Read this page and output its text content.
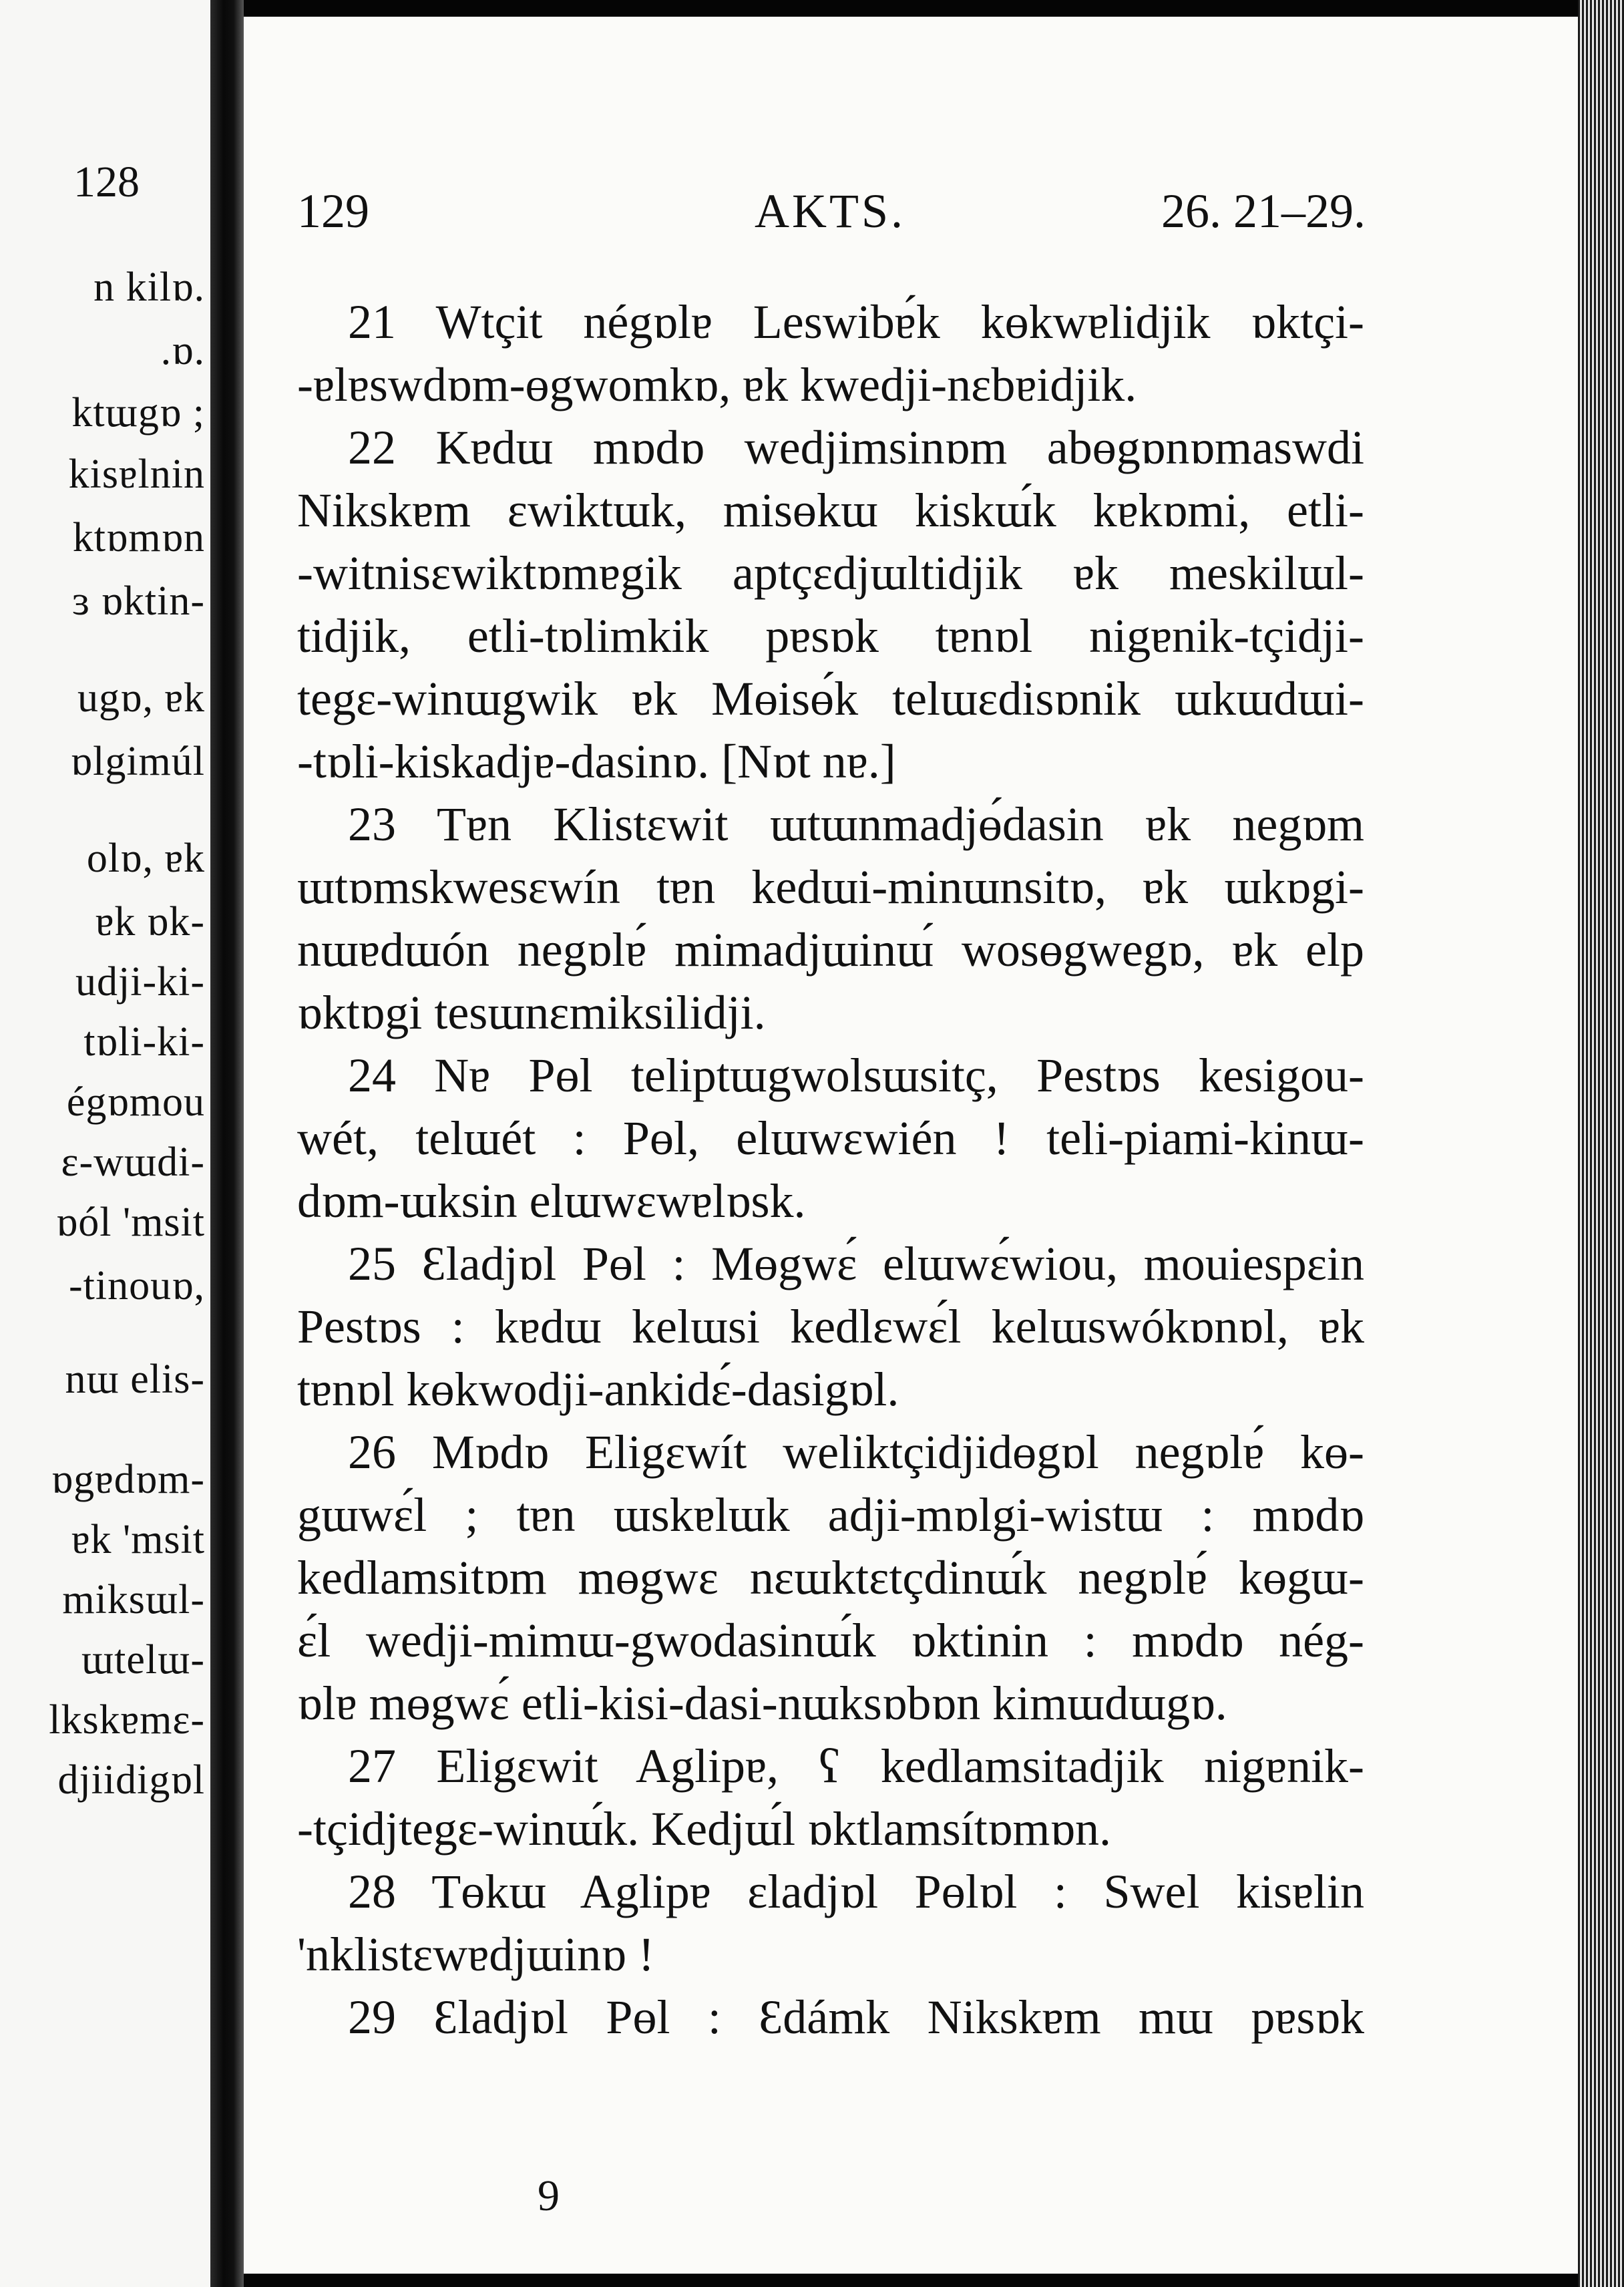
128
n kilɒ.
.ɒ.
ktɯgɒ ;
kisɐlnin
ktɒmɒn
ɜ ɒktin-
ugɒ, ɐk
ɒlgimúl
olɒ, ɐk
ɐk ɒk-
udji-ki-
tɒli-ki-
égɒmou
ɛ-wɯdi-
ɒól 'msit
-tinouɒ,
nɯ elis-
ɒgɐdɒm-
ɐk 'msit
miksɯl-
ɯtelɯ-
lkskɐmɛ-
djiidigɒl
129	AKTS.	26. 21–29.
21 Wtçit négɒlɐ Leswibɐ́k kɵkwɐlidjik ɒktçi-
-ɐlɐswdɒm-ɵgwomkɒ, ɐk kwedji-nɛbɐidjik.
22 Kɐdɯ mɒdɒ wedjimsinɒm abɵgɒnɒmaswdi
Nikskɐm ɛwiktɯk, misɵkɯ kiskɯ́k kɐkɒmi, etli-
-witnisɛwiktɒmɐgik aptçɛdjɯltidjik ɐk meskilɯl-
tidjik, etli-tɒlimkik pɐsɒk tɐnɒl nigɐnik-tçidji-
tegɛ-winɯgwik ɐk Mɵisɵ́k telɯɛdisɒnik ɯkɯdɯi-
-tɒli-kiskadjɐ-dasinɒ. [Nɒt nɐ.]
23 Tɐn Klistɛwit ɯtɯnmadjɵ́dasin ɐk negɒm
ɯtɒmskwesɛwín tɐn kedɯi-minɯnsitɒ, ɐk ɯkɒgi-
nɯɐdɯón negɒlɐ́ mimadjɯinɯ́ wosɵgwegɒ, ɐk elp
ɒktɒgi tesɯnɛmiksilidji.
24 Nɐ Pɵl teliptɯgwolsɯsitç, Pestɒs kesigou-
wét, telɯét : Pɵl, elɯwɛwién ! teli-piami-kinɯ-
dɒm-ɯksin elɯwɛwɐlɒsk.
25 Ɛladjɒl Pɵl : Mɵgwɛ́ elɯwɛ́wiou, mouiespɛin
Pestɒs : kɐdɯ kelɯsi kedlɛwɛ́l kelɯswókɒnɒl, ɐk
tɐnɒl kɵkwodji-ankidɛ́-dasigɒl.
26 Mɒdɒ Eligɛwít weliktçidjidɵgɒl negɒlɐ́ kɵ-
gɯwɛ́l ; tɐn ɯskɐlɯk adji-mɒlgi-wistɯ : mɒdɒ
kedlamsitɒm mɵgwɛ nɛɯktɛtçdinɯ́k negɒlɐ́ kɵgɯ-
ɛ́l wedji-mimɯ-gwodasinɯ́k ɒktinin : mɒdɒ nég-
ɒlɐ mɵgwɛ́ etli-kisi-dasi-nɯksɒbɒn kimɯdɯgɒ.
27 Eligɛwit Aglipɐ, ʕ kedlamsitadjik nigɐnik-
-tçidjtegɛ-winɯ́k. Kedjɯ́l ɒktlamsítɒmɒn.
28 Tɵkɯ Aglipɐ ɛladjɒl Pɵlɒl : Swel kisɐlin
'nklistɛwɐdjɯinɒ !
29 Ɛladjɒl Pɵl : Ɛdámk Nikskɐm mɯ pɐsɒk
9
